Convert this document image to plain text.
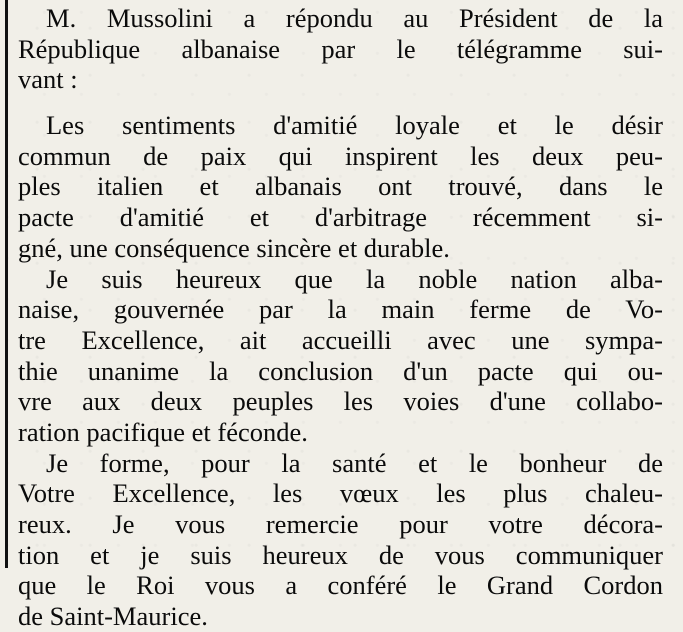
M. Mussolini a répondu au Président de la
République albanaise par le télégramme sui-
vant :
Les sentiments d'amitié loyale et le désir
commun de paix qui inspirent les deux peu-
ples italien et albanais ont trouvé, dans le
pacte d'amitié et d'arbitrage récemment si-
gné, une conséquence sincère et durable.
Je suis heureux que la noble nation alba-
naise, gouvernée par la main ferme de Vo-
tre Excellence, ait accueilli avec une sympa-
thie unanime la conclusion d'un pacte qui ou-
vre aux deux peuples les voies d'une collabo-
ration pacifique et féconde.
Je forme, pour la santé et le bonheur de
Votre Excellence, les vœux les plus chaleu-
reux. Je vous remercie pour votre décora-
tion et je suis heureux de vous communiquer
que le Roi vous a conféré le Grand Cordon
de Saint-Maurice.
